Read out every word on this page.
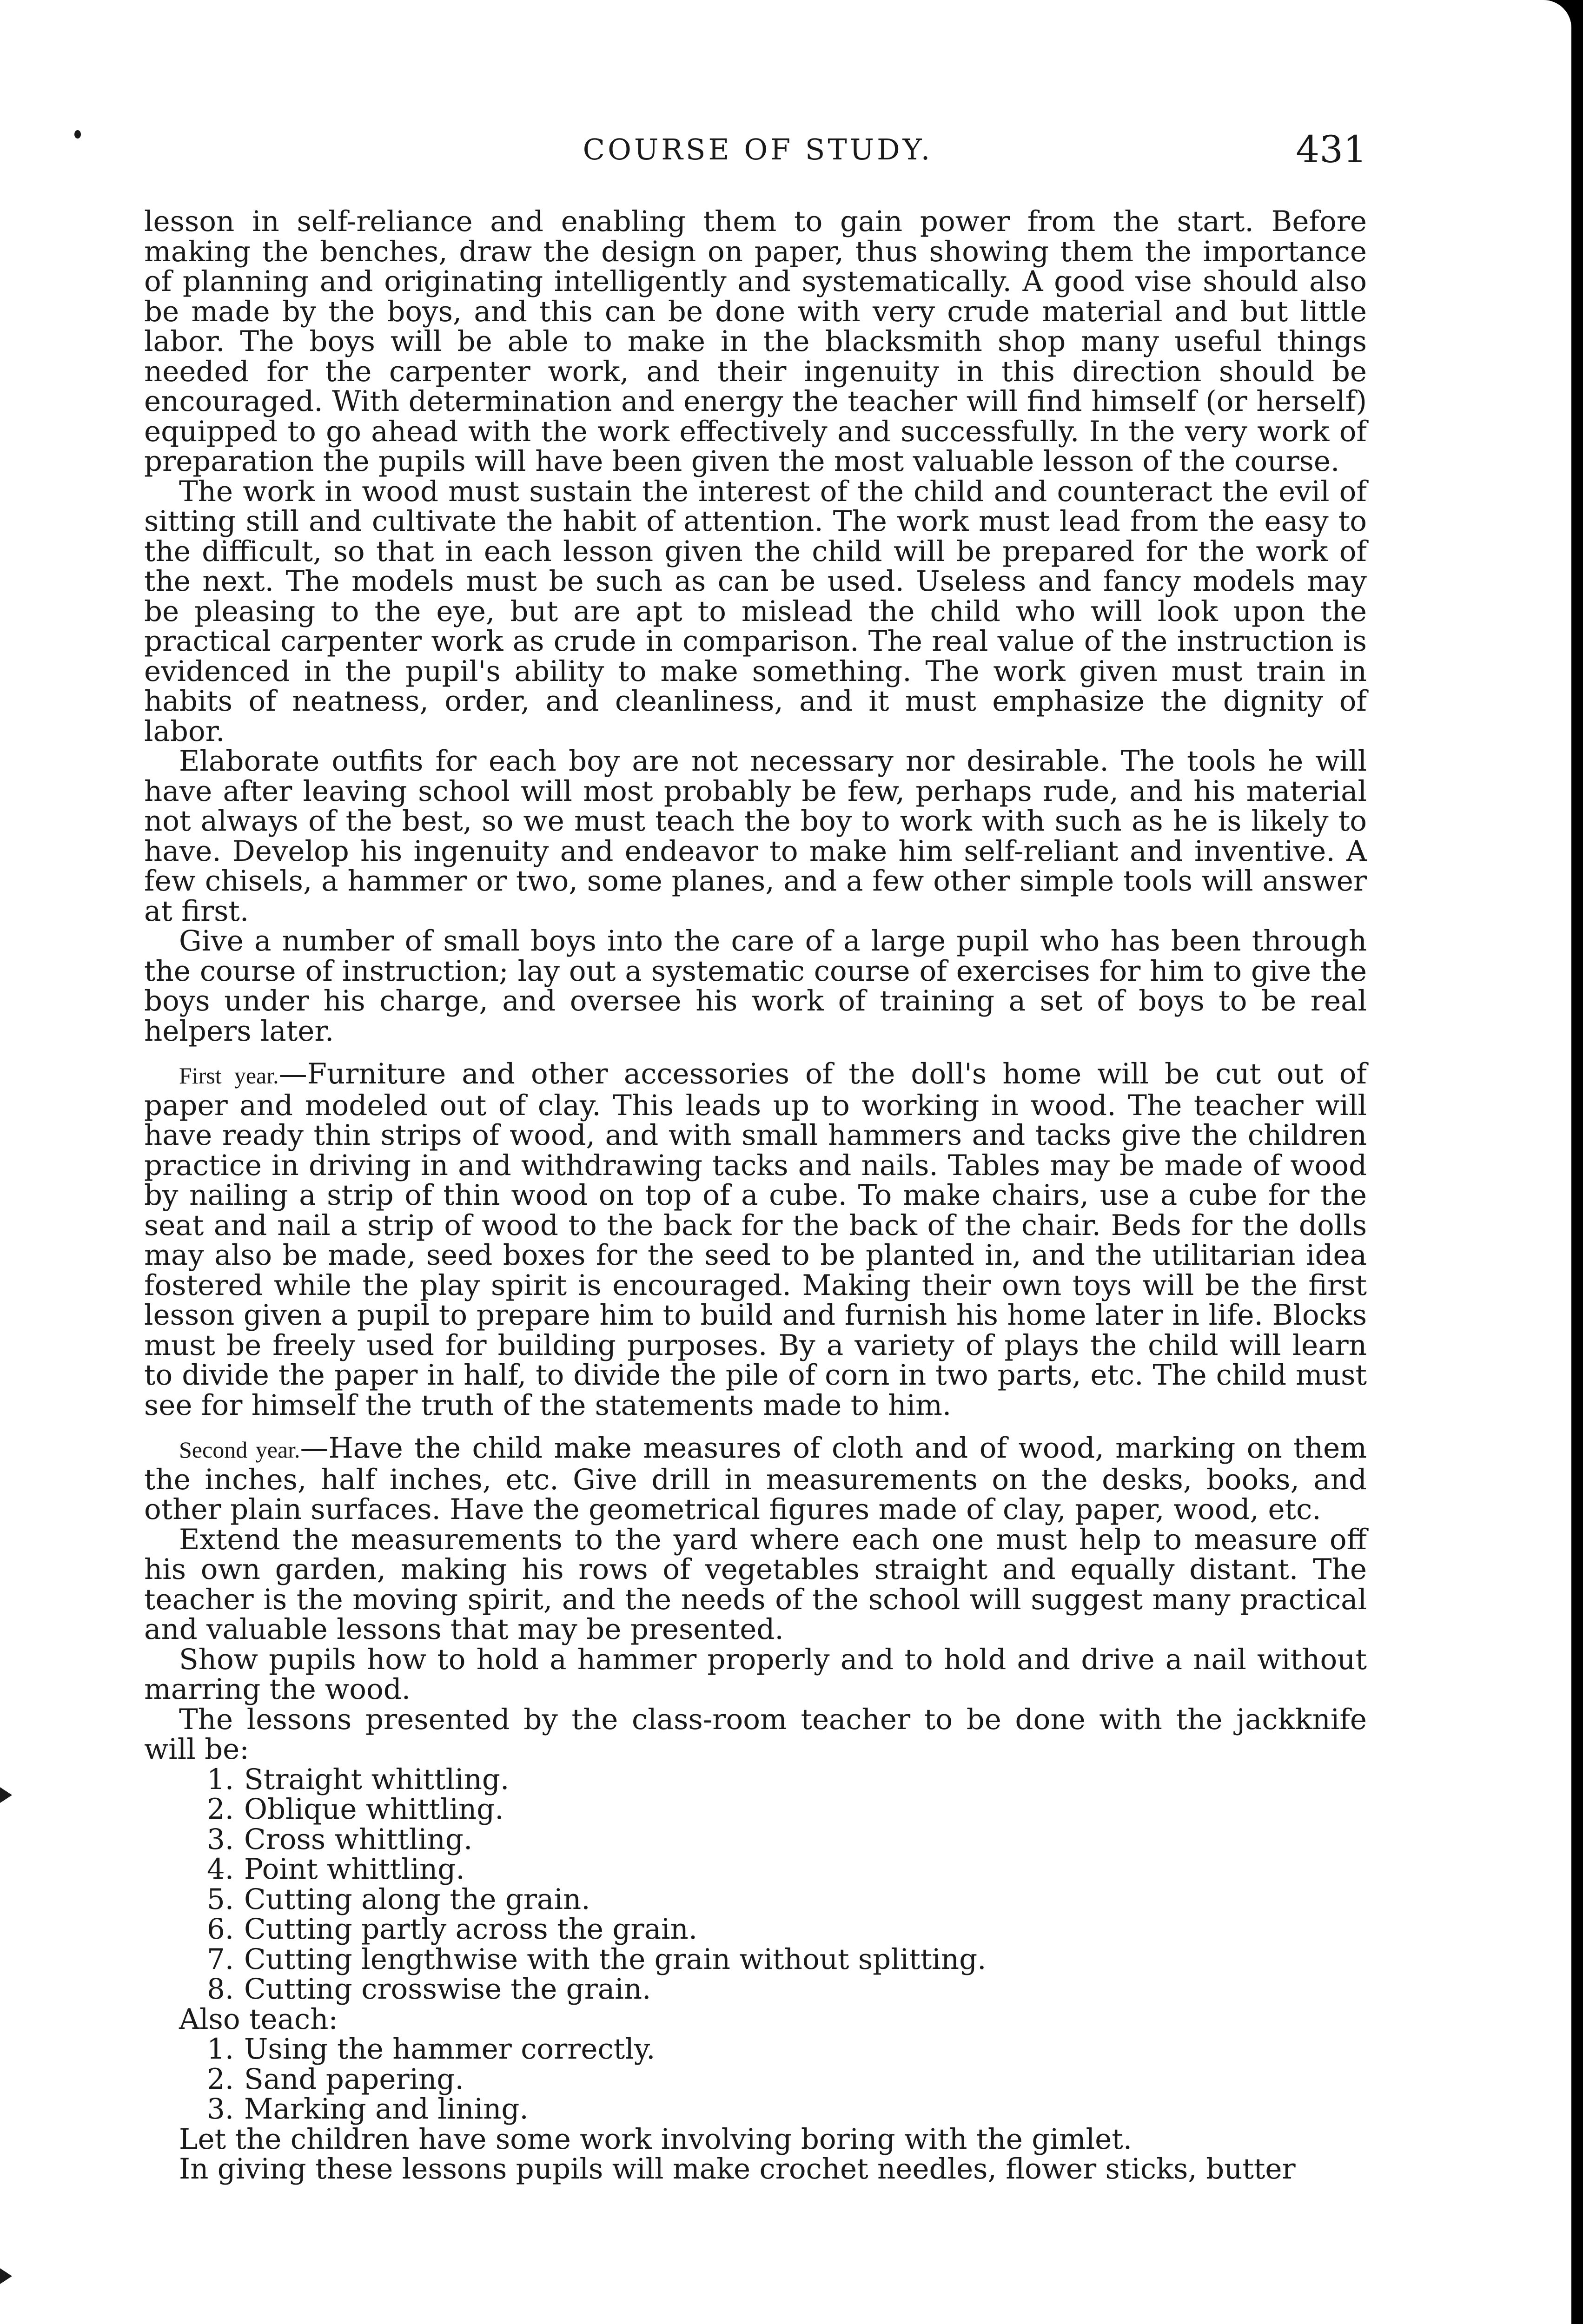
COURSE OF STUDY.	431

lesson in self-reliance and enabling them to gain power from the start. Before making the benches, draw the design on paper, thus showing them the importance of planning and originating intelligently and systematically. A good vise should also be made by the boys, and this can be done with very crude material and but little labor. The boys will be able to make in the blacksmith shop many useful things needed for the carpenter work, and their ingenuity in this direction should be encouraged. With determination and energy the teacher will find himself (or herself) equipped to go ahead with the work effectively and successfully. In the very work of preparation the pupils will have been given the most valuable lesson of the course.

The work in wood must sustain the interest of the child and counteract the evil of sitting still and cultivate the habit of attention. The work must lead from the easy to the difficult, so that in each lesson given the child will be prepared for the work of the next. The models must be such as can be used. Useless and fancy models may be pleasing to the eye, but are apt to mislead the child who will look upon the practical carpenter work as crude in comparison. The real value of the instruction is evidenced in the pupil's ability to make something. The work given must train in habits of neatness, order, and cleanliness, and it must emphasize the dignity of labor.

Elaborate outfits for each boy are not necessary nor desirable. The tools he will have after leaving school will most probably be few, perhaps rude, and his material not always of the best, so we must teach the boy to work with such as he is likely to have. Develop his ingenuity and endeavor to make him self-reliant and inventive. A few chisels, a hammer or two, some planes, and a few other simple tools will answer at first.

Give a number of small boys into the care of a large pupil who has been through the course of instruction; lay out a systematic course of exercises for him to give the boys under his charge, and oversee his work of training a set of boys to be real helpers later.

First year.—Furniture and other accessories of the doll's home will be cut out of paper and modeled out of clay. This leads up to working in wood. The teacher will have ready thin strips of wood, and with small hammers and tacks give the children practice in driving in and withdrawing tacks and nails. Tables may be made of wood by nailing a strip of thin wood on top of a cube. To make chairs, use a cube for the seat and nail a strip of wood to the back for the back of the chair. Beds for the dolls may also be made, seed boxes for the seed to be planted in, and the utilitarian idea fostered while the play spirit is encouraged. Making their own toys will be the first lesson given a pupil to prepare him to build and furnish his home later in life. Blocks must be freely used for building purposes. By a variety of plays the child will learn to divide the paper in half, to divide the pile of corn in two parts, etc. The child must see for himself the truth of the statements made to him.

Second year.—Have the child make measures of cloth and of wood, marking on them the inches, half inches, etc. Give drill in measurements on the desks, books, and other plain surfaces. Have the geometrical figures made of clay, paper, wood, etc.

Extend the measurements to the yard where each one must help to measure off his own garden, making his rows of vegetables straight and equally distant. The teacher is the moving spirit, and the needs of the school will suggest many practical and valuable lessons that may be presented.

Show pupils how to hold a hammer properly and to hold and drive a nail without marring the wood.

The lessons presented by the class-room teacher to be done with the jackknife will be:

1. Straight whittling.
2. Oblique whittling.
3. Cross whittling.
4. Point whittling.
5. Cutting along the grain.
6. Cutting partly across the grain.
7. Cutting lengthwise with the grain without splitting.
8. Cutting crosswise the grain.
Also teach:
1. Using the hammer correctly.
2. Sand papering.
3. Marking and lining.

Let the children have some work involving boring with the gimlet.

In giving these lessons pupils will make crochet needles, flower sticks, butter
